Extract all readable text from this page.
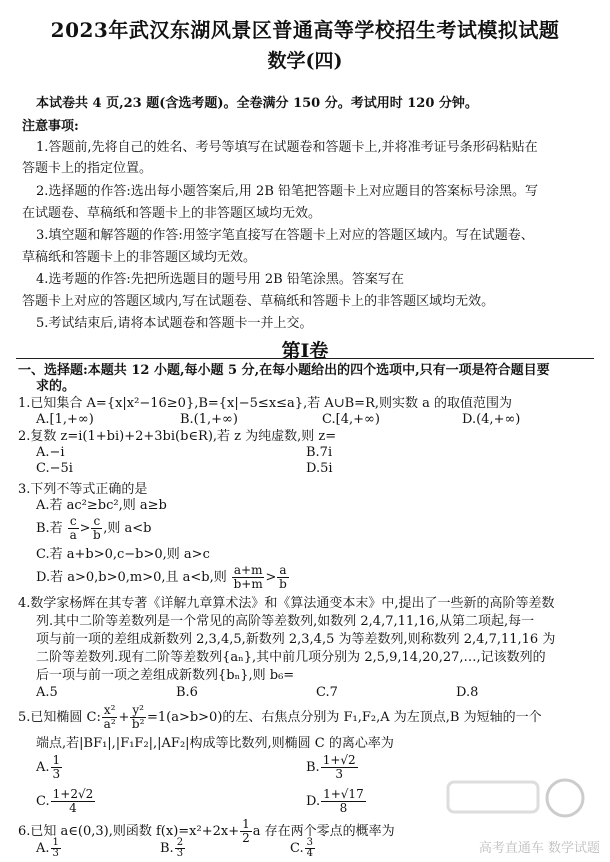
2023年武汉东湖风景区普通高等学校招生考试模拟试题
数学(四)
本试卷共 4 页,23 题(含选考题)。全卷满分 150 分。考试用时 120 分钟。
注意事项:
1.答题前,先将自己的姓名、考号等填写在试题卷和答题卡上,并将准考证号条形码粘贴在
答题卡上的指定位置。
2.选择题的作答:选出每小题答案后,用 2B 铅笔把答题卡上对应题目的答案标号涂黑。写
在试题卷、草稿纸和答题卡上的非答题区域均无效。
3.填空题和解答题的作答:用签字笔直接写在答题卡上对应的答题区域内。写在试题卷、
草稿纸和答题卡上的非答题区域均无效。
4.选考题的作答:先把所选题目的题号用 2B 铅笔涂黑。答案写在
答题卡上对应的答题区域内,写在试题卷、草稿纸和答题卡上的非答题区域均无效。
5.考试结束后,请将本试题卷和答题卡一并上交。
第Ⅰ卷
一、选择题:本题共 12 小题,每小题 5 分,在每小题给出的四个选项中,只有一项是符合题目要
求的。
1.已知集合 A={x|x²−16≥0},B={x|−5≤x≤a},若 A∪B=R,则实数 a 的取值范围为
A.[1,+∞)	B.(1,+∞)	C.[4,+∞)	D.(4,+∞)
2.复数 z=i(1+bi)+2+3bi(b∈R),若 z 为纯虚数,则 z=
A.−i	B.7i
C.−5i	D.5i
3.下列不等式正确的是
A.若 ac²≥bc²,则 a≥b
B.若 $\frac{c}{a} > \frac{c}{b}$ ,则 a<b
C.若 a+b>0,c−b>0,则 a>c
D.若 a>0,b>0,m>0,且 a<b,则 $\frac{a+m}{b+m} > \frac{a}{b}$
4.数学家杨辉在其专著《详解九章算术法》和《算法通变本末》中,提出了一些新的高阶等差数
列.其中二阶等差数列是一个常见的高阶等差数列,如数列 2,4,7,11,16,从第二项起,每一
项与前一项的差组成新数列 2,3,4,5,新数列 2,3,4,5 为等差数列,则称数列 2,4,7,11,16 为
二阶等差数列.现有二阶等差数列{aₙ},其中前几项分别为 2,5,9,14,20,27,…,记该数列的
后一项与前一项之差组成新数列{bₙ},则 b₆=
A.5	B.6	C.7	D.8
5.已知椭圆 C: $\frac{\text{x²}}{\text{a²}} + \frac{\text{y²}}{\text{b²}} =1(a>b>0)$的左、右焦点分别为 F₁,F₂,A 为左顶点,B 为短轴的一个
端点,若|BF₁|,|F₁F₂|,|AF₂|构成等比数列,则椭圆 C 的离心率为
A. $\frac{1}{3}$	B. $\frac{1+√2}{3}$
C. $\frac{1+2√2}{4}$	D. $\frac{1+√17}{8}$
6.已知 a∈(0,3),则函数 $f(x)=x^2+2x+ \frac{1}{2}$ a 存在两个零点的概率为
A. $\frac{1}{3}$	B. $\frac{2}{3}$	C. $\frac{3}{4}$	高考直通车 数学试题
